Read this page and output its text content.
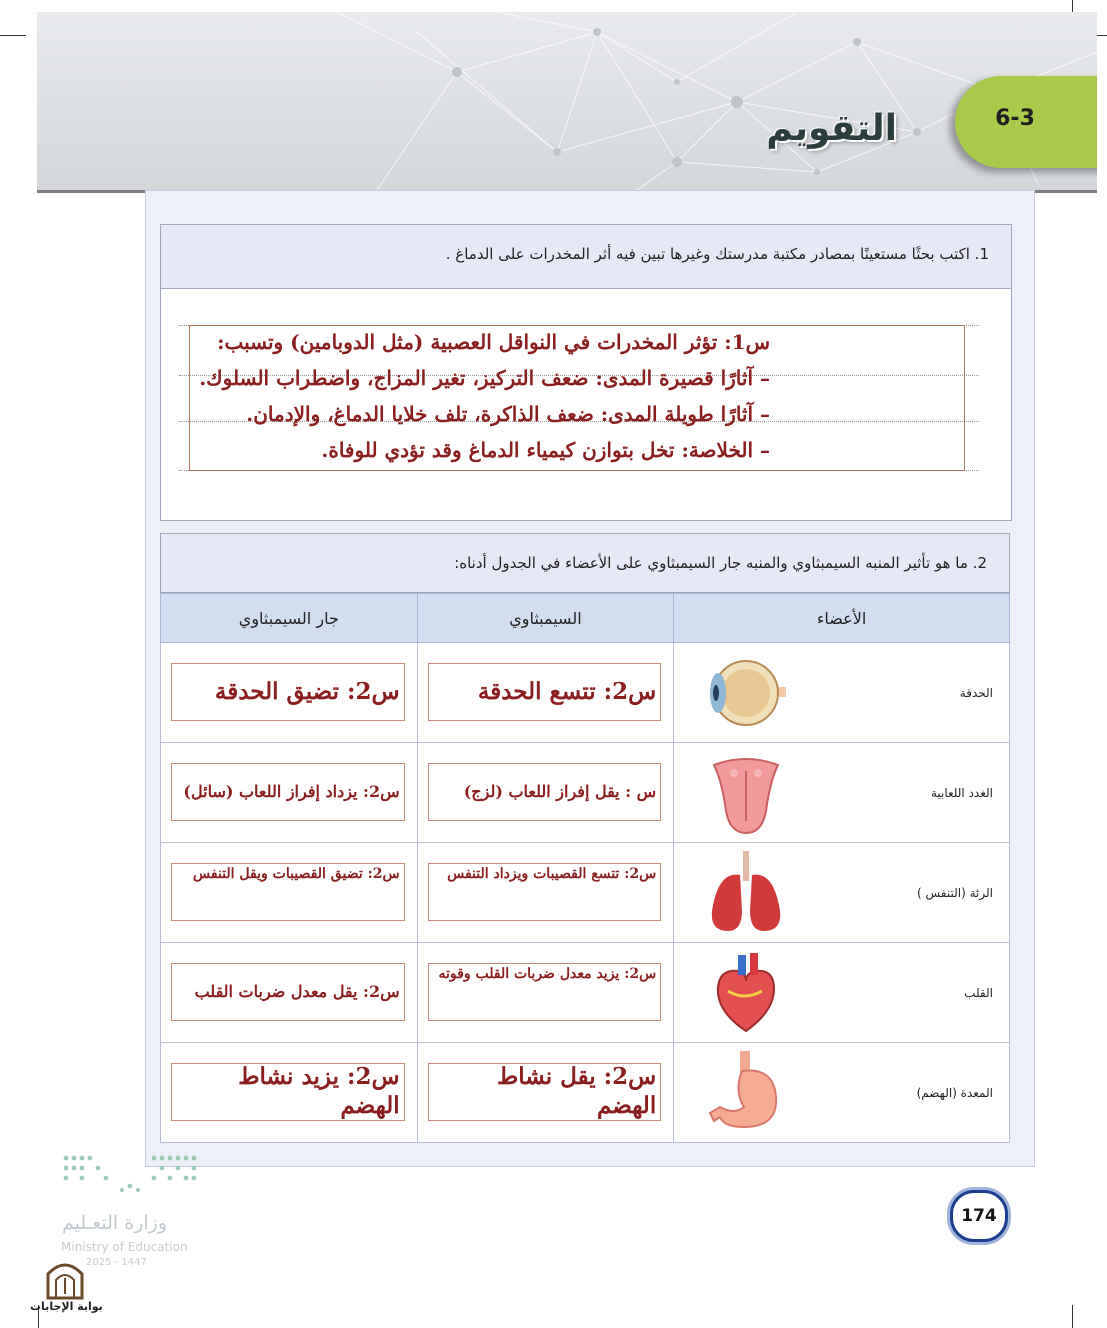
6-3
التقويم
1. اكتب بحثًا مستعينًا بمصادر مكتبة مدرستك وغيرها تبين فيه أثر المخدرات على الدماغ .
س1: تؤثر المخدرات في النواقل العصبية (مثل الدوبامين) وتسبب:
– آثارًا قصيرة المدى: ضعف التركيز، تغير المزاج، واضطراب السلوك.
– آثارًا طويلة المدى: ضعف الذاكرة، تلف خلايا الدماغ، والإدمان.
– الخلاصة: تخل بتوازن كيمياء الدماغ وقد تؤدي للوفاة.
2. ما هو تأثير المنبه السيمبثاوي والمنبه جار السيمبثاوي على الأعضاء في الجدول أدناه:
الأعضاء	السيمبثاوي	جار السيمبثاوي

الحدقة	س2: تتسع الحدقة	س2: تضيق الحدقة

الغدد اللعابية	س : يقل إفراز اللعاب (لزج)	س2: يزداد إفراز اللعاب (سائل)

الرئة (التنفس )	س2: تتسع القصيبات ويزداد التنفس	س2: تضيق القصيبات ويقل التنفس

القلب	س2: يزيد معدل ضربات القلب وقوته	س2: يقل معدل ضربات القلب

المعدة (الهضم)	س2: يقل نشاط الهضم	س2: يزيد نشاط الهضم
174
وزارة التعـليم
Ministry of Education
2025 - 1447
بوابة الإجابات
